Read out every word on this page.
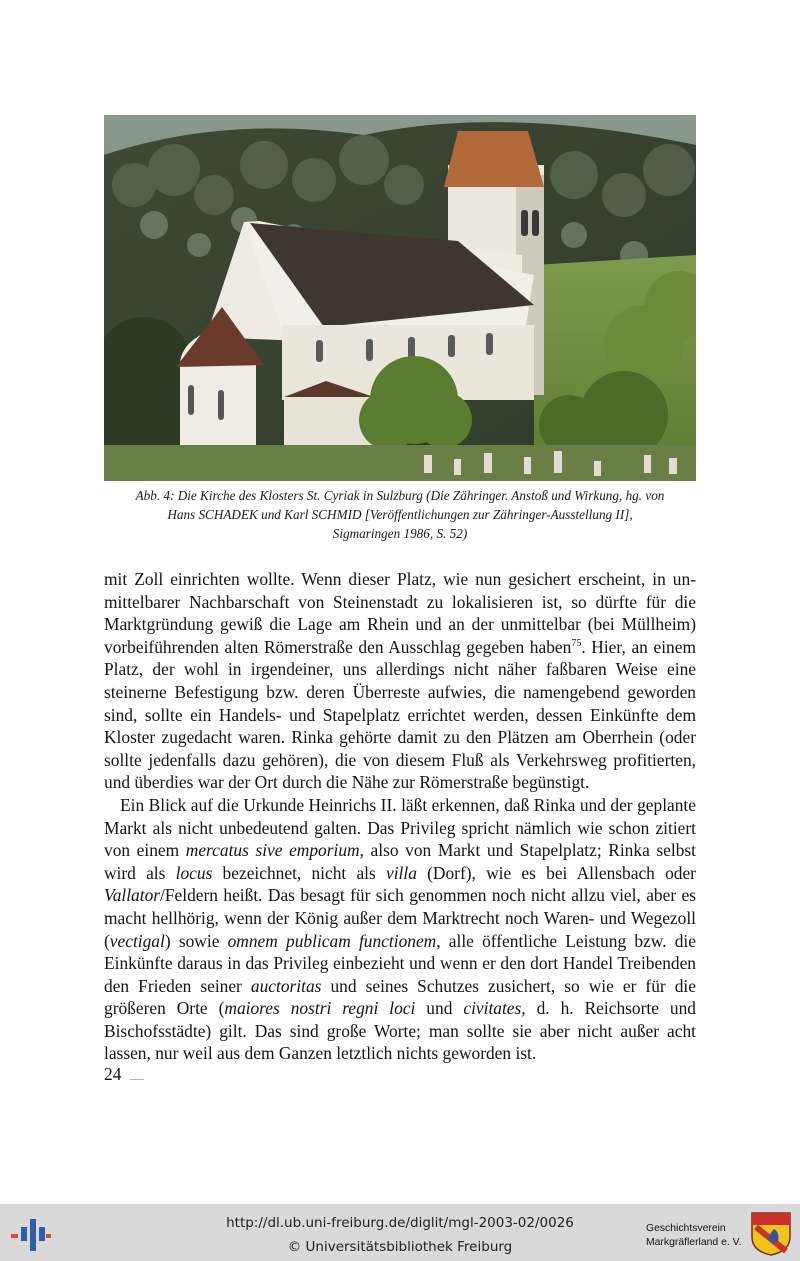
Abb. 4: Die Kirche des Klosters St. Cyriak in Sulzburg (Die Zähringer. Anstoß und Wirkung, hg. von
Hans SCHADEK und Karl SCHMID [Veröffentlichungen zur Zähringer-Ausstellung II],
Sigmaringen 1986, S. 52)

mit Zoll einrichten wollte. Wenn dieser Platz, wie nun gesichert erscheint, in unmittelbarer Nachbarschaft von Steinenstadt zu lokalisieren ist, so dürfte für die Marktgründung gewiß die Lage am Rhein und an der unmittelbar (bei Müllheim) vorbeiführenden alten Römerstraße den Ausschlag gegeben haben$^{75}$. Hier, an einem Platz, der wohl in irgendeiner, uns allerdings nicht näher faßbaren Weise eine steinerne Befestigung bzw. deren Überreste aufwies, die namengebend geworden sind, sollte ein Handels- und Stapelplatz errichtet werden, dessen Einkünfte dem Kloster zugedacht waren. Rinka gehörte damit zu den Plätzen am Oberrhein (oder sollte jedenfalls dazu gehören), die von diesem Fluß als Verkehrsweg profitierten, und überdies war der Ort durch die Nähe zur Römerstraße begünstigt.

Ein Blick auf die Urkunde Heinrichs II. läßt erkennen, daß Rinka und der geplante Markt als nicht unbedeutend galten. Das Privileg spricht nämlich wie schon zitiert von einem mercatus sive emporium, also von Markt und Stapelplatz; Rinka selbst wird als locus bezeichnet, nicht als villa (Dorf), wie es bei Allensbach oder Vallator/Feldern heißt. Das besagt für sich genommen noch nicht allzu viel, aber es macht hellhörig, wenn der König außer dem Marktrecht noch Waren- und Wegezoll (vectigal) sowie omnem publicam functionem, alle öffentliche Leistung bzw. die Einkünfte daraus in das Privileg einbezieht und wenn er den dort Handel Treibenden den Frieden seiner auctoritas und seines Schutzes zusichert, so wie er für die größeren Orte (maiores nostri regni loci und civitates, d. h. Reichsorte und Bischofsstädte) gilt. Das sind große Worte; man sollte sie aber nicht außer acht lassen, nur weil aus dem Ganzen letztlich nichts geworden ist.

24
http://dl.ub.uni-freiburg.de/diglit/mgl-2003-02/0026
© Universitätsbibliothek Freiburg
Geschichtsverein
Markgräflerland e. V.
